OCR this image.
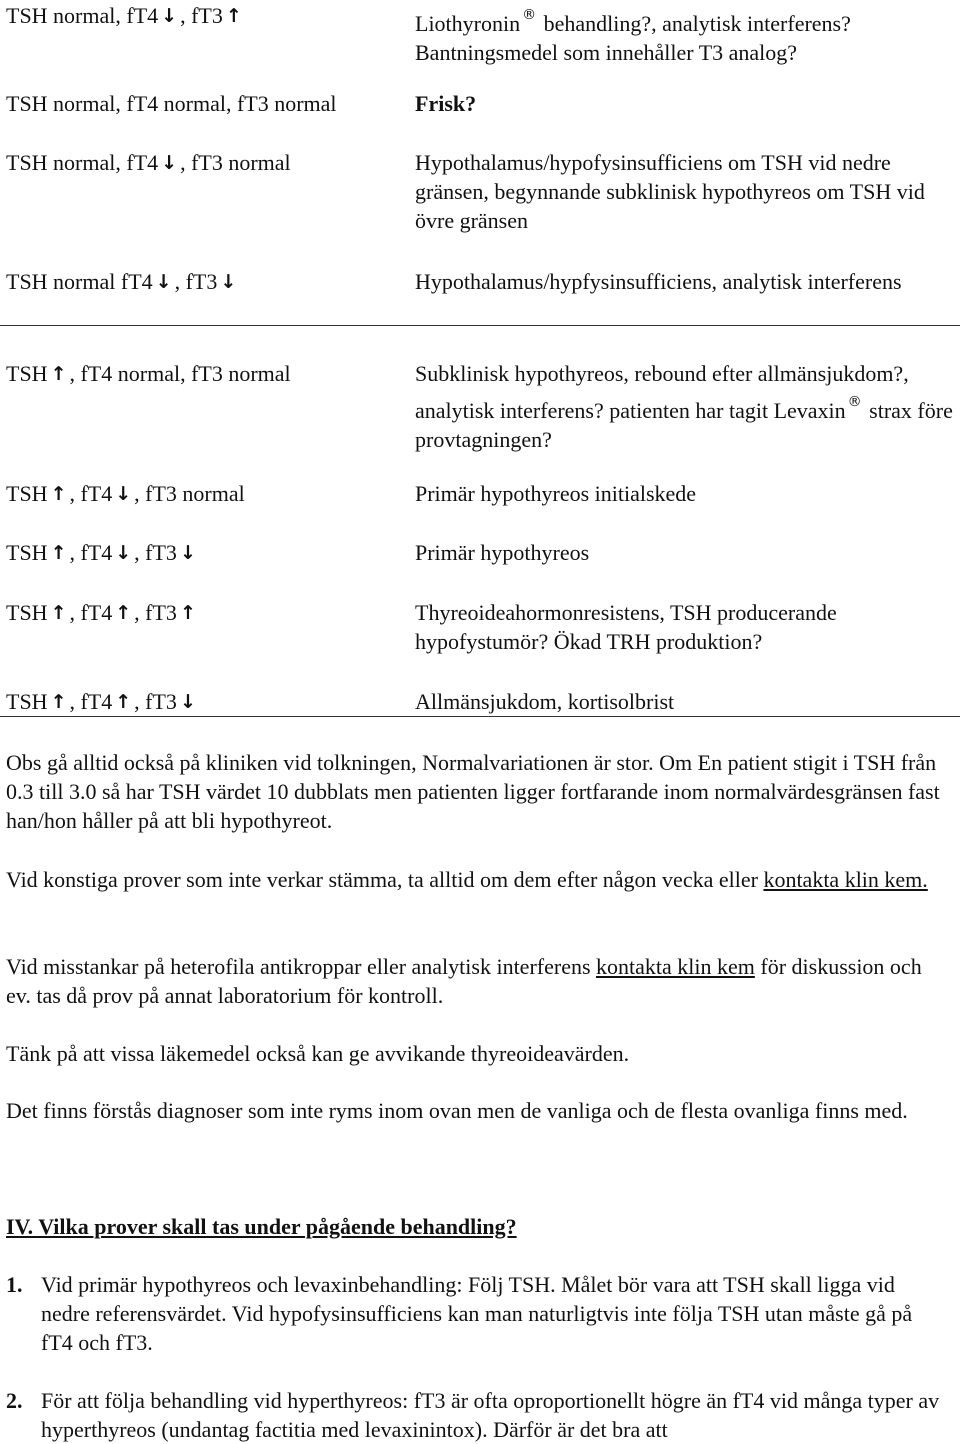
TSH normal, fT4 ↓ , fT3 ↑	Liothyronin ® behandling?, analytisk interferens? Bantningsmedel som innehåller T3 analog?
TSH normal, fT4 normal, fT3 normal	Frisk?
TSH normal, fT4 ↓ , fT3 normal	Hypothalamus/hypofysinsufficiens om TSH vid nedre gränsen, begynnande subklinisk hypothyreos om TSH vid övre gränsen
TSH normal fT4 ↓ , fT3 ↓	Hypothalamus/hypfysinsufficiens, analytisk interferens
TSH ↑ , fT4 normal, fT3 normal	Subklinisk hypothyreos, rebound efter allmänsjukdom?, analytisk interferens? patienten har tagit Levaxin ® strax före provtagningen?
TSH ↑ , fT4 ↓ , fT3 normal	Primär hypothyreos initialskede
TSH ↑ , fT4 ↓ , fT3 ↓	Primär hypothyreos
TSH ↑ , fT4 ↑ , fT3 ↑	Thyreoideahormonresistens, TSH producerande hypofystumör? Ökad TRH produktion?
TSH ↑ , fT4 ↑ , fT3 ↓	Allmänsjukdom, kortisolbrist
Obs gå alltid också på kliniken vid tolkningen, Normalvariationen är stor. Om En patient stigit i TSH från 0.3 till 3.0 så har TSH värdet 10 dubblats men patienten ligger fortfarande inom normalvärdesgränsen fast han/hon håller på att bli hypothyreot.
Vid konstiga prover som inte verkar stämma, ta alltid om dem efter någon vecka eller kontakta klin kem.
Vid misstankar på heterofila antikroppar eller analytisk interferens kontakta klin kem för diskussion och ev. tas då prov på annat laboratorium för kontroll.
Tänk på att vissa läkemedel också kan ge avvikande thyreoideavärden.
Det finns förstås diagnoser som inte ryms inom ovan men de vanliga och de flesta ovanliga finns med.
IV. Vilka prover skall tas under pågående behandling?
1. Vid primär hypothyreos och levaxinbehandling: Följ TSH. Målet bör vara att TSH skall ligga vid nedre referensvärdet. Vid hypofysinsufficiens kan man naturligtvis inte följa TSH utan måste gå på fT4 och fT3.
2. För att följa behandling vid hyperthyreos: fT3 är ofta oproportionellt högre än fT4 vid många typer av hyperthyreos (undantag factitia med levaxinintox). Därför är det bra att
